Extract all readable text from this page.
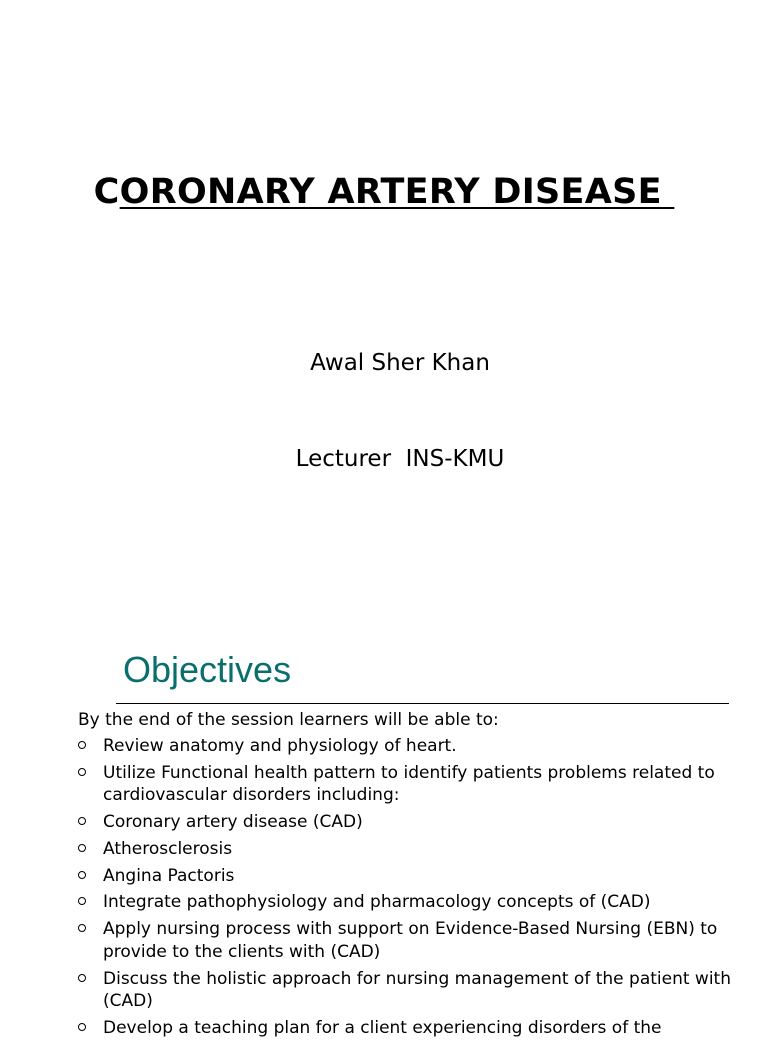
CORONARY ARTERY DISEASE

Awal Sher Khan

Lecturer  INS-KMU

Objectives
By the end of the session learners will be able to:
Review anatomy and physiology of heart.
Utilize Functional health pattern to identify patients problems related to cardiovascular disorders including:
Coronary artery disease (CAD)
Atherosclerosis
Angina Pactoris
Integrate pathophysiology and pharmacology concepts of (CAD)
Apply nursing process with support on Evidence-Based Nursing (EBN) to provide to the clients with (CAD)
Discuss the holistic approach for nursing management of the patient with (CAD)
Develop a teaching plan for a client experiencing disorders of the
